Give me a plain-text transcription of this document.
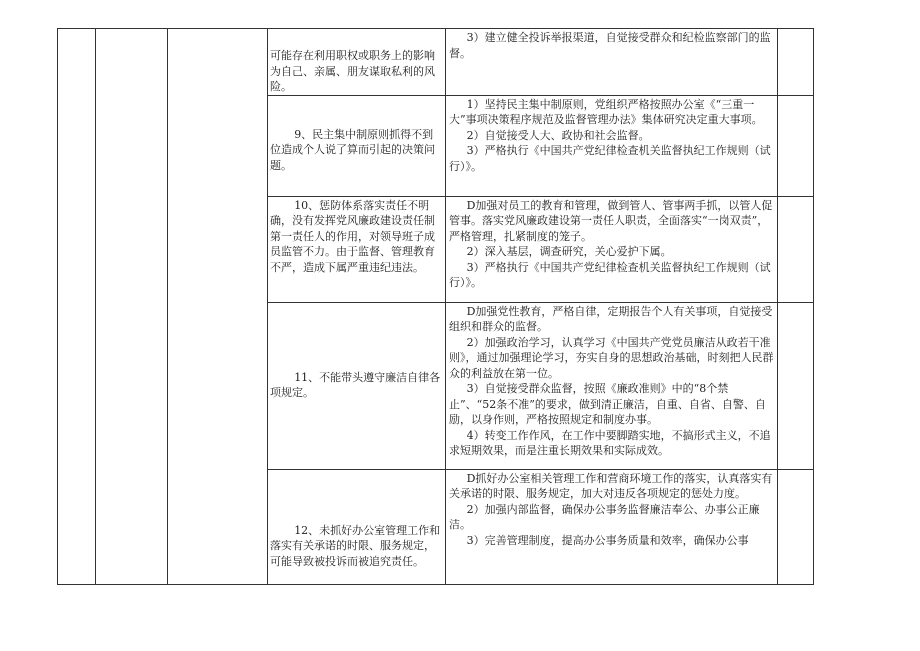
			可能存在利用职权或职务上的影响为自己、亲属、朋友谋取私利的风险。	3）建立健全投诉举报渠道，自觉接受群众和纪检监察部门的监督。	

			9、民主集中制原则抓得不到位造成个人说了算而引起的决策问题。	1）坚持民主集中制原则，党组织严格按照办公室《“三重一大”事项决策程序规范及监督管理办法》集体研究决定重大事项。
2）自觉接受人大、政协和社会监督。
3）严格执行《中国共产党纪律检查机关监督执纪工作规则（试行）》。	

			10、惩防体系落实责任不明确，没有发挥党风廉政建设责任制第一责任人的作用，对领导班子成员监管不力。由于监督、管理教育不严，造成下属严重违纪违法。	D加强对员工的教育和管理，做到管人、管事两手抓，以管人促管事。落实党风廉政建设第一责任人职责，全面落实“一岗双责”，严格管理，扎紧制度的笼子。
2）深入基层，调查研究，关心爱护下属。
3）严格执行《中国共产党纪律检查机关监督执纪工作规则（试行）》。	

			11、不能带头遵守廉洁自律各项规定。	D加强党性教育，严格自律，定期报告个人有关事项，自觉接受组织和群众的监督。
2）加强政治学习，认真学习《中国共产党党员廉洁从政若干准则》，通过加强理论学习，夯实自身的思想政治基础，时刻把人民群众的利益放在第一位。
3）自觉接受群众监督，按照《廉政准则》中的“8个禁止”、“52条不准”的要求，做到清正廉洁，自重、自省、自警、自励，以身作则，严格按照规定和制度办事。
4）转变工作作风，在工作中要脚踏实地，不搞形式主义，不追求短期效果，而是注重长期效果和实际成效。	

			12、未抓好办公室管理工作和落实有关承诺的时限、服务规定，可能导致被投诉而被追究责任。	D抓好办公室相关管理工作和营商环境工作的落实，认真落实有关承诺的时限、服务规定，加大对违反各项规定的惩处力度。
2）加强内部监督，确保办公事务监督廉洁奉公、办事公正廉洁。
3）完善管理制度，提高办公事务质量和效率，确保办公事	
